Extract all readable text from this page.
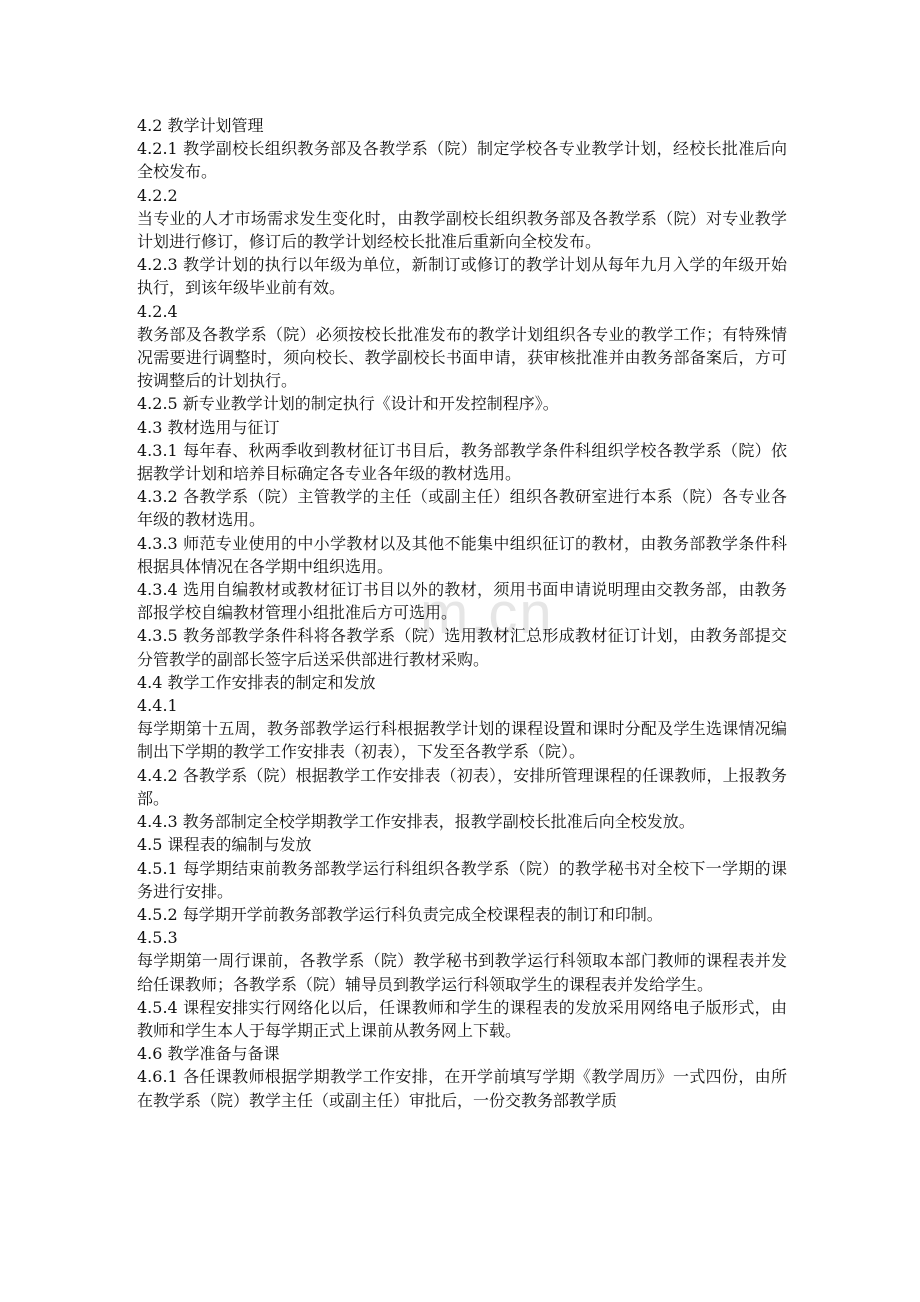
m.cn

4.2 教学计划管理

4.2.1 教学副校长组织教务部及各教学系（院）制定学校各专业教学计划，经校长批准后向全校发布。

4.2.2

当专业的人才市场需求发生变化时，由教学副校长组织教务部及各教学系（院）对专业教学计划进行修订，修订后的教学计划经校长批准后重新向全校发布。

4.2.3 教学计划的执行以年级为单位，新制订或修订的教学计划从每年九月入学的年级开始执行，到该年级毕业前有效。

4.2.4

教务部及各教学系（院）必须按校长批准发布的教学计划组织各专业的教学工作；有特殊情况需要进行调整时，须向校长、教学副校长书面申请，获审核批准并由教务部备案后，方可按调整后的计划执行。

4.2.5 新专业教学计划的制定执行《设计和开发控制程序》。

4.3 教材选用与征订

4.3.1 每年春、秋两季收到教材征订书目后，教务部教学条件科组织学校各教学系（院）依据教学计划和培养目标确定各专业各年级的教材选用。

4.3.2 各教学系（院）主管教学的主任（或副主任）组织各教研室进行本系（院）各专业各年级的教材选用。

4.3.3 师范专业使用的中小学教材以及其他不能集中组织征订的教材，由教务部教学条件科根据具体情况在各学期中组织选用。

4.3.4 选用自编教材或教材征订书目以外的教材，须用书面申请说明理由交教务部，由教务部报学校自编教材管理小组批准后方可选用。

4.3.5 教务部教学条件科将各教学系（院）选用教材汇总形成教材征订计划，由教务部提交分管教学的副部长签字后送采供部进行教材采购。

4.4 教学工作安排表的制定和发放

4.4.1

每学期第十五周，教务部教学运行科根据教学计划的课程设置和课时分配及学生选课情况编制出下学期的教学工作安排表（初表），下发至各教学系（院）。

4.4.2 各教学系（院）根据教学工作安排表（初表），安排所管理课程的任课教师，上报教务部。

4.4.3 教务部制定全校学期教学工作安排表，报教学副校长批准后向全校发放。

4.5 课程表的编制与发放

4.5.1 每学期结束前教务部教学运行科组织各教学系（院）的教学秘书对全校下一学期的课务进行安排。

4.5.2 每学期开学前教务部教学运行科负责完成全校课程表的制订和印制。

4.5.3

每学期第一周行课前，各教学系（院）教学秘书到教学运行科领取本部门教师的课程表并发给任课教师；各教学系（院）辅导员到教学运行科领取学生的课程表并发给学生。

4.5.4 课程安排实行网络化以后，任课教师和学生的课程表的发放采用网络电子版形式，由教师和学生本人于每学期正式上课前从教务网上下载。

4.6 教学准备与备课

4.6.1 各任课教师根据学期教学工作安排，在开学前填写学期《教学周历》一式四份，由所在教学系（院）教学主任（或副主任）审批后，一份交教务部教学质
